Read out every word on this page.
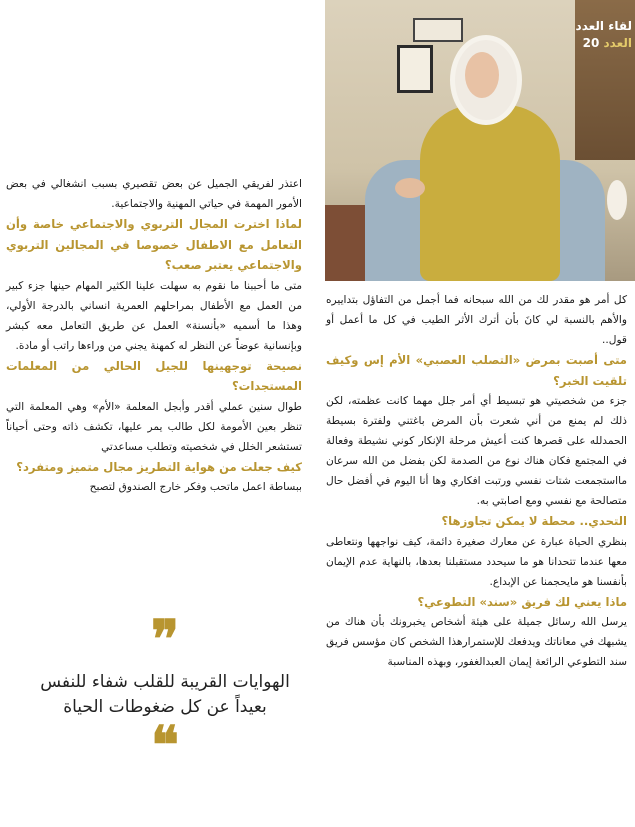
لقاء العدد
20 العدد

اعتذر لفريقي الجميل عن بعض تقصيري بسبب انشغالي في بعض الأمور المهمة في حياتي المهنية والاجتماعية.

لماذا اخترت المجال التربوي والاجتماعي خاصة وأن التعامل مع الاطفال خصوصا في المجالين التربوي والاجتماعي يعتبر صعب؟

متى ما أحببنا ما نقوم به سهلت علينا الكثير المهام حينها جزء كبير من العمل مع الأطفال بمراحلهم العمرية انساني بالدرجة الأولي، وهذا ما أسميه «بأنسنة» العمل عن طريق التعامل معه كبشر وبإنسانية عوضاً عن النظر له كمهنة يجني من وراءها راتب أو مادة.

نصيحة توجهينها للجيل الحالي من المعلمات المستجدات؟

طوال سنين عملي أقدر وأبجل المعلمة «الأم» وهي المعلمة التي تنظر بعين الأمومة لكل طالب يمر عليها، تكشف ذاته وحتى أحياناً تستشعر الخلل في شخصيته وتطلب مساعدتي

كيف جعلت من هواية التطريز مجال متميز ومتفرد؟

ببساطة اعمل ماتحب وفكر خارج الصندوق لتصبح

❞
الهوايات القريبة للقلب شفاء للنفس بعيداً عن كل ضغوطات الحياة
❝

كل أمر هو مقدر لك من الله سبحانه فما أجمل من التفاؤل بتداييره والأهم بالنسبة لي كانَ بأن أترك الأثر الطيب في كل ما أعمل أو قول..

متى أصبت بمرض «التصلب العصبي» الأم إس وكيف تلقيت الخبر؟

جزء من شخصيتي هو تبسيط أي أمر جلل مهما كانت عظمته، لكن ذلك لم يمنع من أني شعرت بأن المرض باغتني ولفترة بسيطة الحمدلله على قصرها كنت أعيش مرحلة الإنكار كوني نشيطة وفعالة في المجتمع فكان هناك نوع من الصدمة لكن بفضل من الله سرعان مااستجمعت شتات نفسي ورتبت افكاري وها أنا اليوم في أفضل حال متصالحة مع نفسي ومع اصابتي به.

التحدي.. محطة لا يمكن تجاوزها؟

بنظري الحياة عبارة عن معارك صغيرة دائمة، كيف نواجهها ونتعاطى معها عندما تتحدانا هو ما سيحدد مستقبلنا بعدها، بالنهاية عدم الإيمان بأنفسنا هو مايحجمنا عن الإبداع.

ماذا يعني لك فريق «سند» التطوعي؟

يرسل الله رسائل جميلة على هيئة أشخاص يخبرونك بأن هناك من يشبهك في معاناتك ويدفعك للإستمرارهذا الشخص كان مؤسس فريق سند التطوعي الرائعة إيمان العبدالغفور، وبهذه المناسبة
